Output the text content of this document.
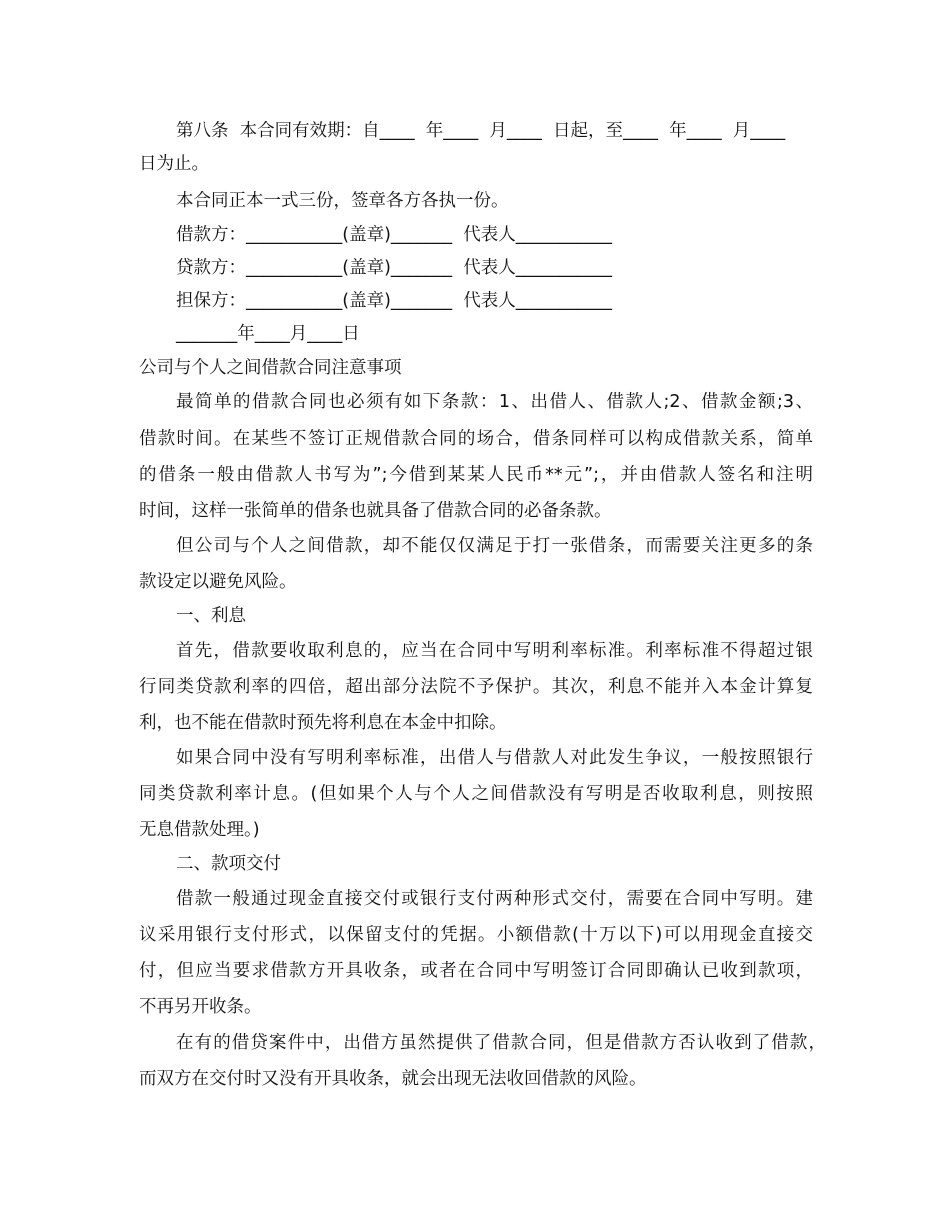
第八条  本合同有效期：自____  年____  月____  日起，至____  年____  月____

日为止。

本合同正本一式三份，签章各方各执一份。

借款方：___________(盖章)_______  代表人___________

贷款方：___________(盖章)_______  代表人___________

担保方：___________(盖章)_______  代表人___________

_______年____月____日

公司与个人之间借款合同注意事项

最简单的借款合同也必须有如下条款：1、出借人、借款人;2、借款金额;3、

借款时间。在某些不签订正规借款合同的场合，借条同样可以构成借款关系，简单

的借条一般由借款人书写为”;今借到某某人民币**元”;，并由借款人签名和注明

时间，这样一张简单的借条也就具备了借款合同的必备条款。

但公司与个人之间借款，却不能仅仅满足于打一张借条，而需要关注更多的条

款设定以避免风险。

一、利息

首先，借款要收取利息的，应当在合同中写明利率标准。利率标准不得超过银

行同类贷款利率的四倍，超出部分法院不予保护。其次，利息不能并入本金计算复

利，也不能在借款时预先将利息在本金中扣除。

如果合同中没有写明利率标准，出借人与借款人对此发生争议，一般按照银行

同类贷款利率计息。(但如果个人与个人之间借款没有写明是否收取利息，则按照

无息借款处理。)

二、款项交付

借款一般通过现金直接交付或银行支付两种形式交付，需要在合同中写明。建

议采用银行支付形式，以保留支付的凭据。小额借款(十万以下)可以用现金直接交

付，但应当要求借款方开具收条，或者在合同中写明签订合同即确认已收到款项，

不再另开收条。

在有的借贷案件中，出借方虽然提供了借款合同，但是借款方否认收到了借款，

而双方在交付时又没有开具收条，就会出现无法收回借款的风险。
